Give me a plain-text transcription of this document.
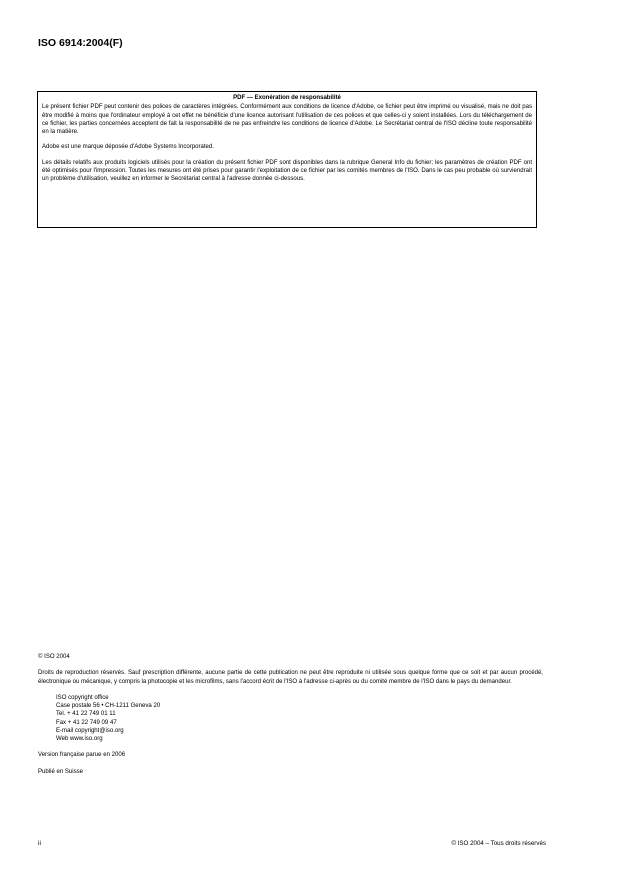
ISO 6914:2004(F)

PDF — Exonération de responsabilité

Le présent fichier PDF peut contenir des polices de caractères intégrées. Conformément aux conditions de licence d'Adobe, ce fichier peut être imprimé ou visualisé, mais ne doit pas être modifié à moins que l'ordinateur employé à cet effet ne bénéficie d'une licence autorisant l'utilisation de ces polices et que celles-ci y soient installées. Lors du téléchargement de ce fichier, les parties concernées acceptent de fait la responsabilité de ne pas enfreindre les conditions de licence d'Adobe. Le Secrétariat central de l'ISO décline toute responsabilité en la matière.

Adobe est une marque déposée d'Adobe Systems Incorporated.

Les détails relatifs aux produits logiciels utilisés pour la création du présent fichier PDF sont disponibles dans la rubrique General Info du fichier; les paramètres de création PDF ont été optimisés pour l'impression. Toutes les mesures ont été prises pour garantir l'exploitation de ce fichier par les comités membres de l'ISO. Dans le cas peu probable où surviendrait un problème d'utilisation, veuillez en informer le Secrétariat central à l'adresse donnée ci-dessous.

© ISO 2004

Droits de reproduction réservés. Sauf prescription différente, aucune partie de cette publication ne peut être reproduite ni utilisée sous quelque forme que ce soit et par aucun procédé, électronique ou mécanique, y compris la photocopie et les microfilms, sans l'accord écrit de l'ISO à l'adresse ci-après ou du comité membre de l'ISO dans le pays du demandeur.

ISO copyright office
Case postale 56 • CH-1211 Geneva 20
Tel. + 41 22 749 01 11
Fax + 41 22 749 09 47
E-mail copyright@iso.org
Web www.iso.org

Version française parue en 2006

Publié en Suisse

ii	© ISO 2004 – Tous droits réservés
